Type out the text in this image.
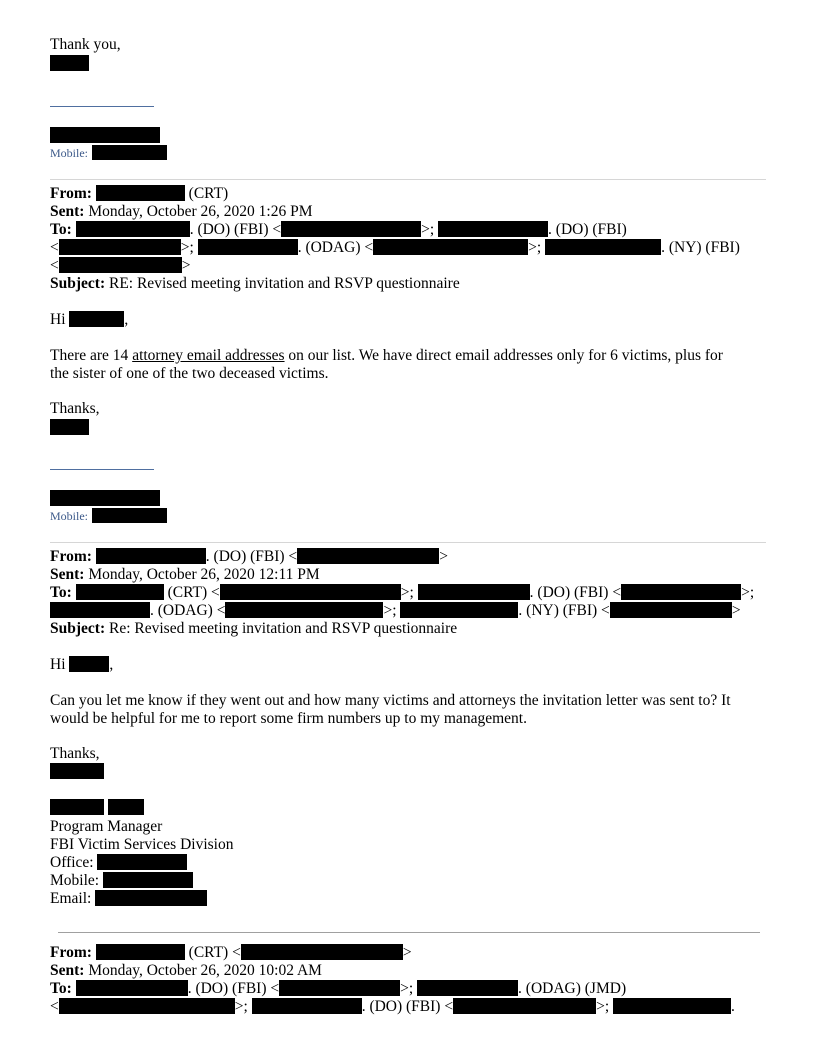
Thank you,
Mobile:
From:	(CRT)
Sent: Monday, October 26, 2020 1:26 PM
To:	. (DO) (FBI) <	>;	. (DO) (FBI)
<	>;	. (ODAG) <	>;	. (NY) (FBI)
<	>
Subject: RE: Revised meeting invitation and RSVP questionnaire
Hi	,
There are 14 attorney email addresses on our list. We have direct email addresses only for 6 victims, plus for
the sister of one of the two deceased victims.
Thanks,
Mobile:
From:	. (DO) (FBI) <	>
Sent: Monday, October 26, 2020 12:11 PM
To:	(CRT) <	>;	. (DO) (FBI) <	>;
. (ODAG) <	>;	. (NY) (FBI) <	>
Subject: Re: Revised meeting invitation and RSVP questionnaire
Hi	,
Can you let me know if they went out and how many victims and attorneys the invitation letter was sent to? It
would be helpful for me to report some firm numbers up to my management.
Thanks,

Program Manager
FBI Victim Services Division
Office:
Mobile:
Email:
From:	(CRT) <	>
Sent: Monday, October 26, 2020 10:02 AM
To:	. (DO) (FBI) <	>;	. (ODAG) (JMD)
<	>;	. (DO) (FBI) <	>;	.
